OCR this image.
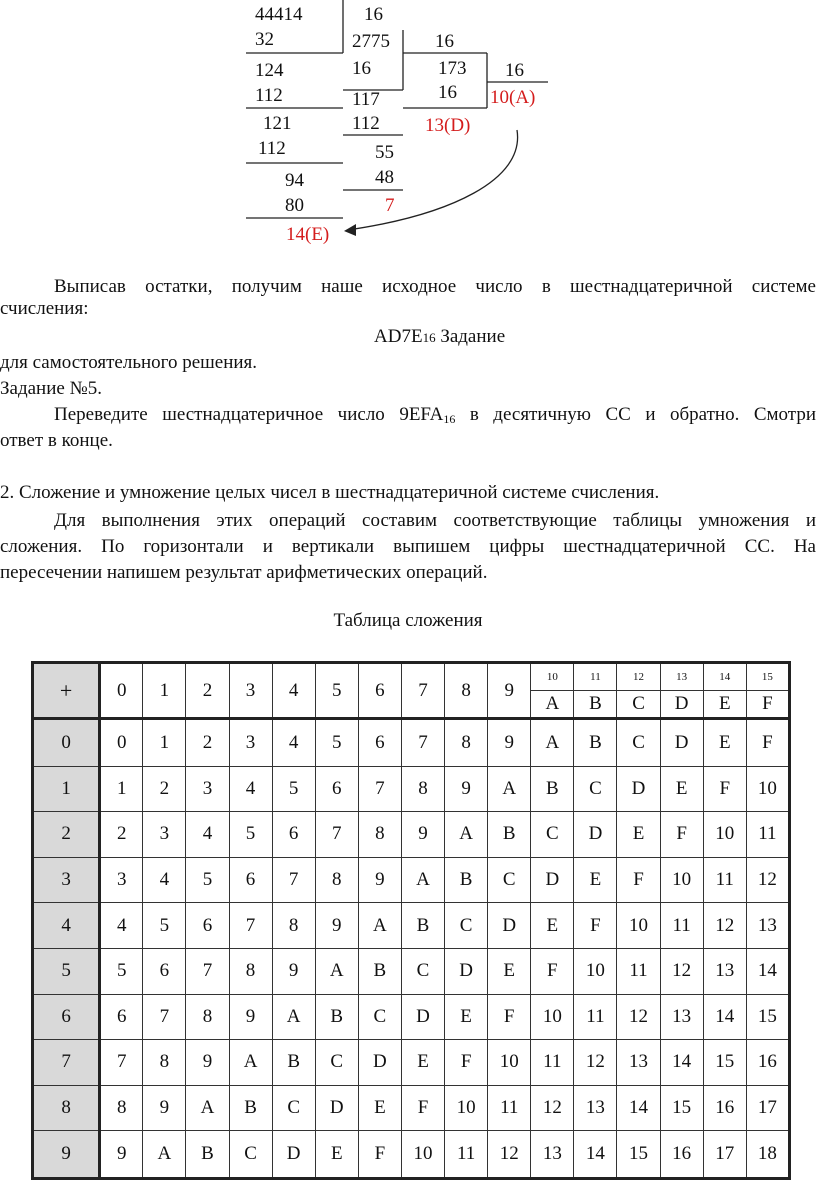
44414	16
32	2775 16
124	16	173 16
112	117	16 10(A)
121	112 13(D)
112	55
94	48
80	7
14(E)
Выписав остатки, получим наше исходное число в шестнадцатеричной системе
счисления:
AD7E16 Задание
для самостоятельного решения.
Задание №5.
Переведите шестнадцатеричное число $9EFA_{16}$ в десятичную СС и обратно. Смотри
ответ в конце.
2. Сложение и умножение целых чисел в шестнадцатеричной системе счисления.
Для выполнения этих операций составим соответствующие таблицы умножения и
сложения. По горизонтали и вертикали выпишем цифры шестнадцатеричной СС. На
пересечении напишем результат арифметических операций.
Таблица сложения
+	0	1	2	3	4	5	6	7	8	9	10	11	12	13	14	15
											A	B	C	D	E	F
0	0	1	2	3	4	5	6	7	8	9	A	B	C	D	E	F
1	1	2	3	4	5	6	7	8	9	A	B	C	D	E	F	10
2	2	3	4	5	6	7	8	9	A	B	C	D	E	F	10	11
3	3	4	5	6	7	8	9	A	B	C	D	E	F	10	11	12
4	4	5	6	7	8	9	A	B	C	D	E	F	10	11	12	13
5	5	6	7	8	9	A	B	C	D	E	F	10	11	12	13	14
6	6	7	8	9	A	B	C	D	E	F	10	11	12	13	14	15
7	7	8	9	A	B	C	D	E	F	10	11	12	13	14	15	16
8	8	9	A	B	C	D	E	F	10	11	12	13	14	15	16	17
9	9	A	B	C	D	E	F	10	11	12	13	14	15	16	17	18
